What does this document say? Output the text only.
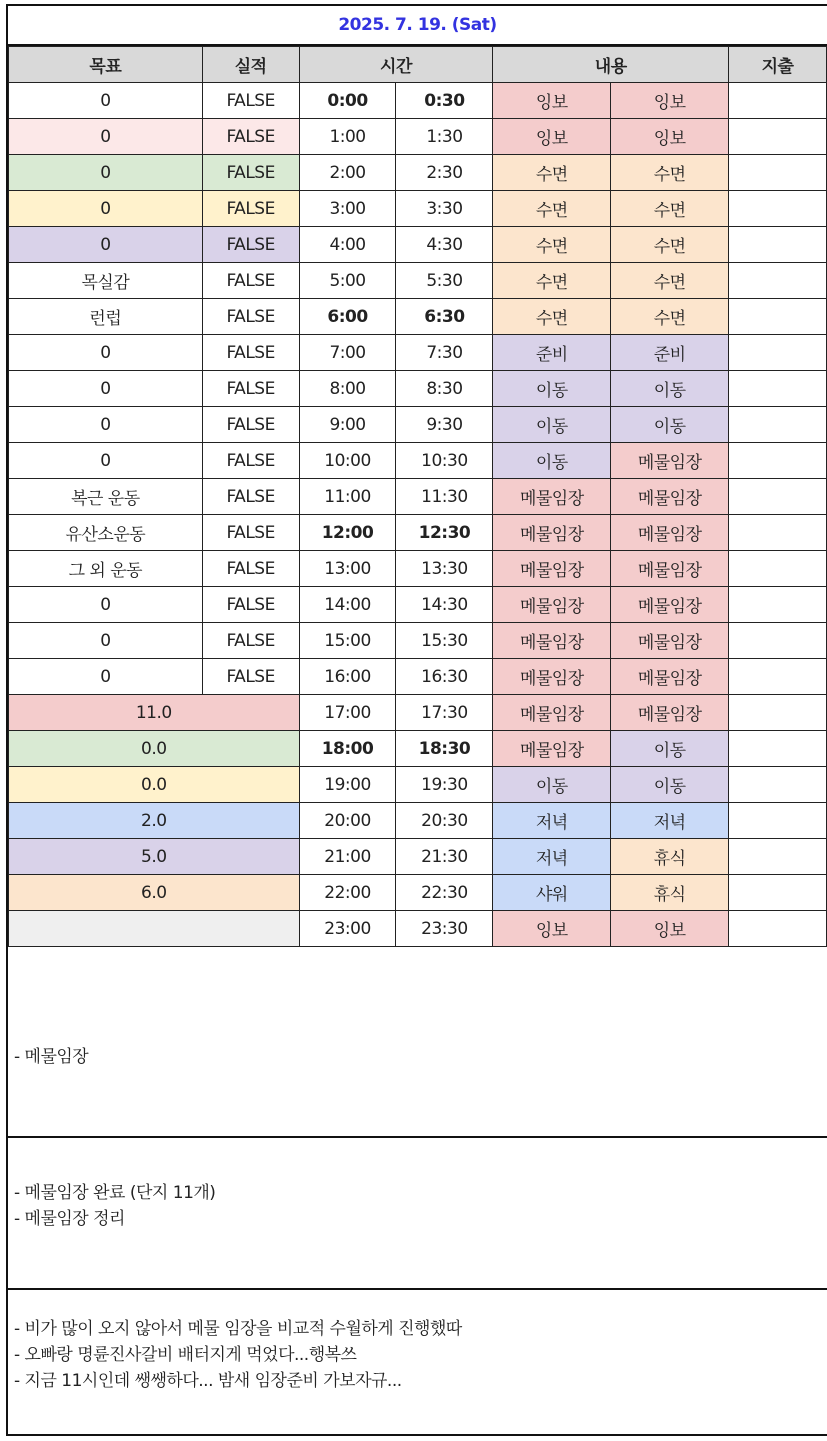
2025. 7. 19. (Sat)
목표	실적	시간		내용		지출
0	FALSE	0:00	0:30	잉보	잉보	
0	FALSE	1:00	1:30	잉보	잉보	
0	FALSE	2:00	2:30	수면	수면	
0	FALSE	3:00	3:30	수면	수면	
0	FALSE	4:00	4:30	수면	수면	
목실감	FALSE	5:00	5:30	수면	수면	
런럽	FALSE	6:00	6:30	수면	수면	
0	FALSE	7:00	7:30	준비	준비	
0	FALSE	8:00	8:30	이동	이동	
0	FALSE	9:00	9:30	이동	이동	
0	FALSE	10:00	10:30	이동	메물임장	
복근 운동	FALSE	11:00	11:30	메물임장	메물임장	
유산소운동	FALSE	12:00	12:30	메물임장	메물임장	
그 외 운동	FALSE	13:00	13:30	메물임장	메물임장	
0	FALSE	14:00	14:30	메물임장	메물임장	
0	FALSE	15:00	15:30	메물임장	메물임장	
0	FALSE	16:00	16:30	메물임장	메물임장	
11.0		17:00	17:30	메물임장	메물임장	
0.0		18:00	18:30	메물임장	이동	
0.0		19:00	19:30	이동	이동	
2.0		20:00	20:30	저녁	저녁	
5.0		21:00	21:30	저녁	휴식	
6.0		22:00	22:30	샤워	휴식	
		23:00	23:30	잉보	잉보	
- 메물임장
- 메물임장 완료 (단지 11개)
- 메물임장 정리
- 비가 많이 오지 않아서 메물 임장을 비교적 수월하게 진행했따
- 오빠랑 명륜진사갈비 배터지게 먹었다...행복쓰
- 지금 11시인데 쌩쌩하다... 밤새 임장준비 가보자규...
